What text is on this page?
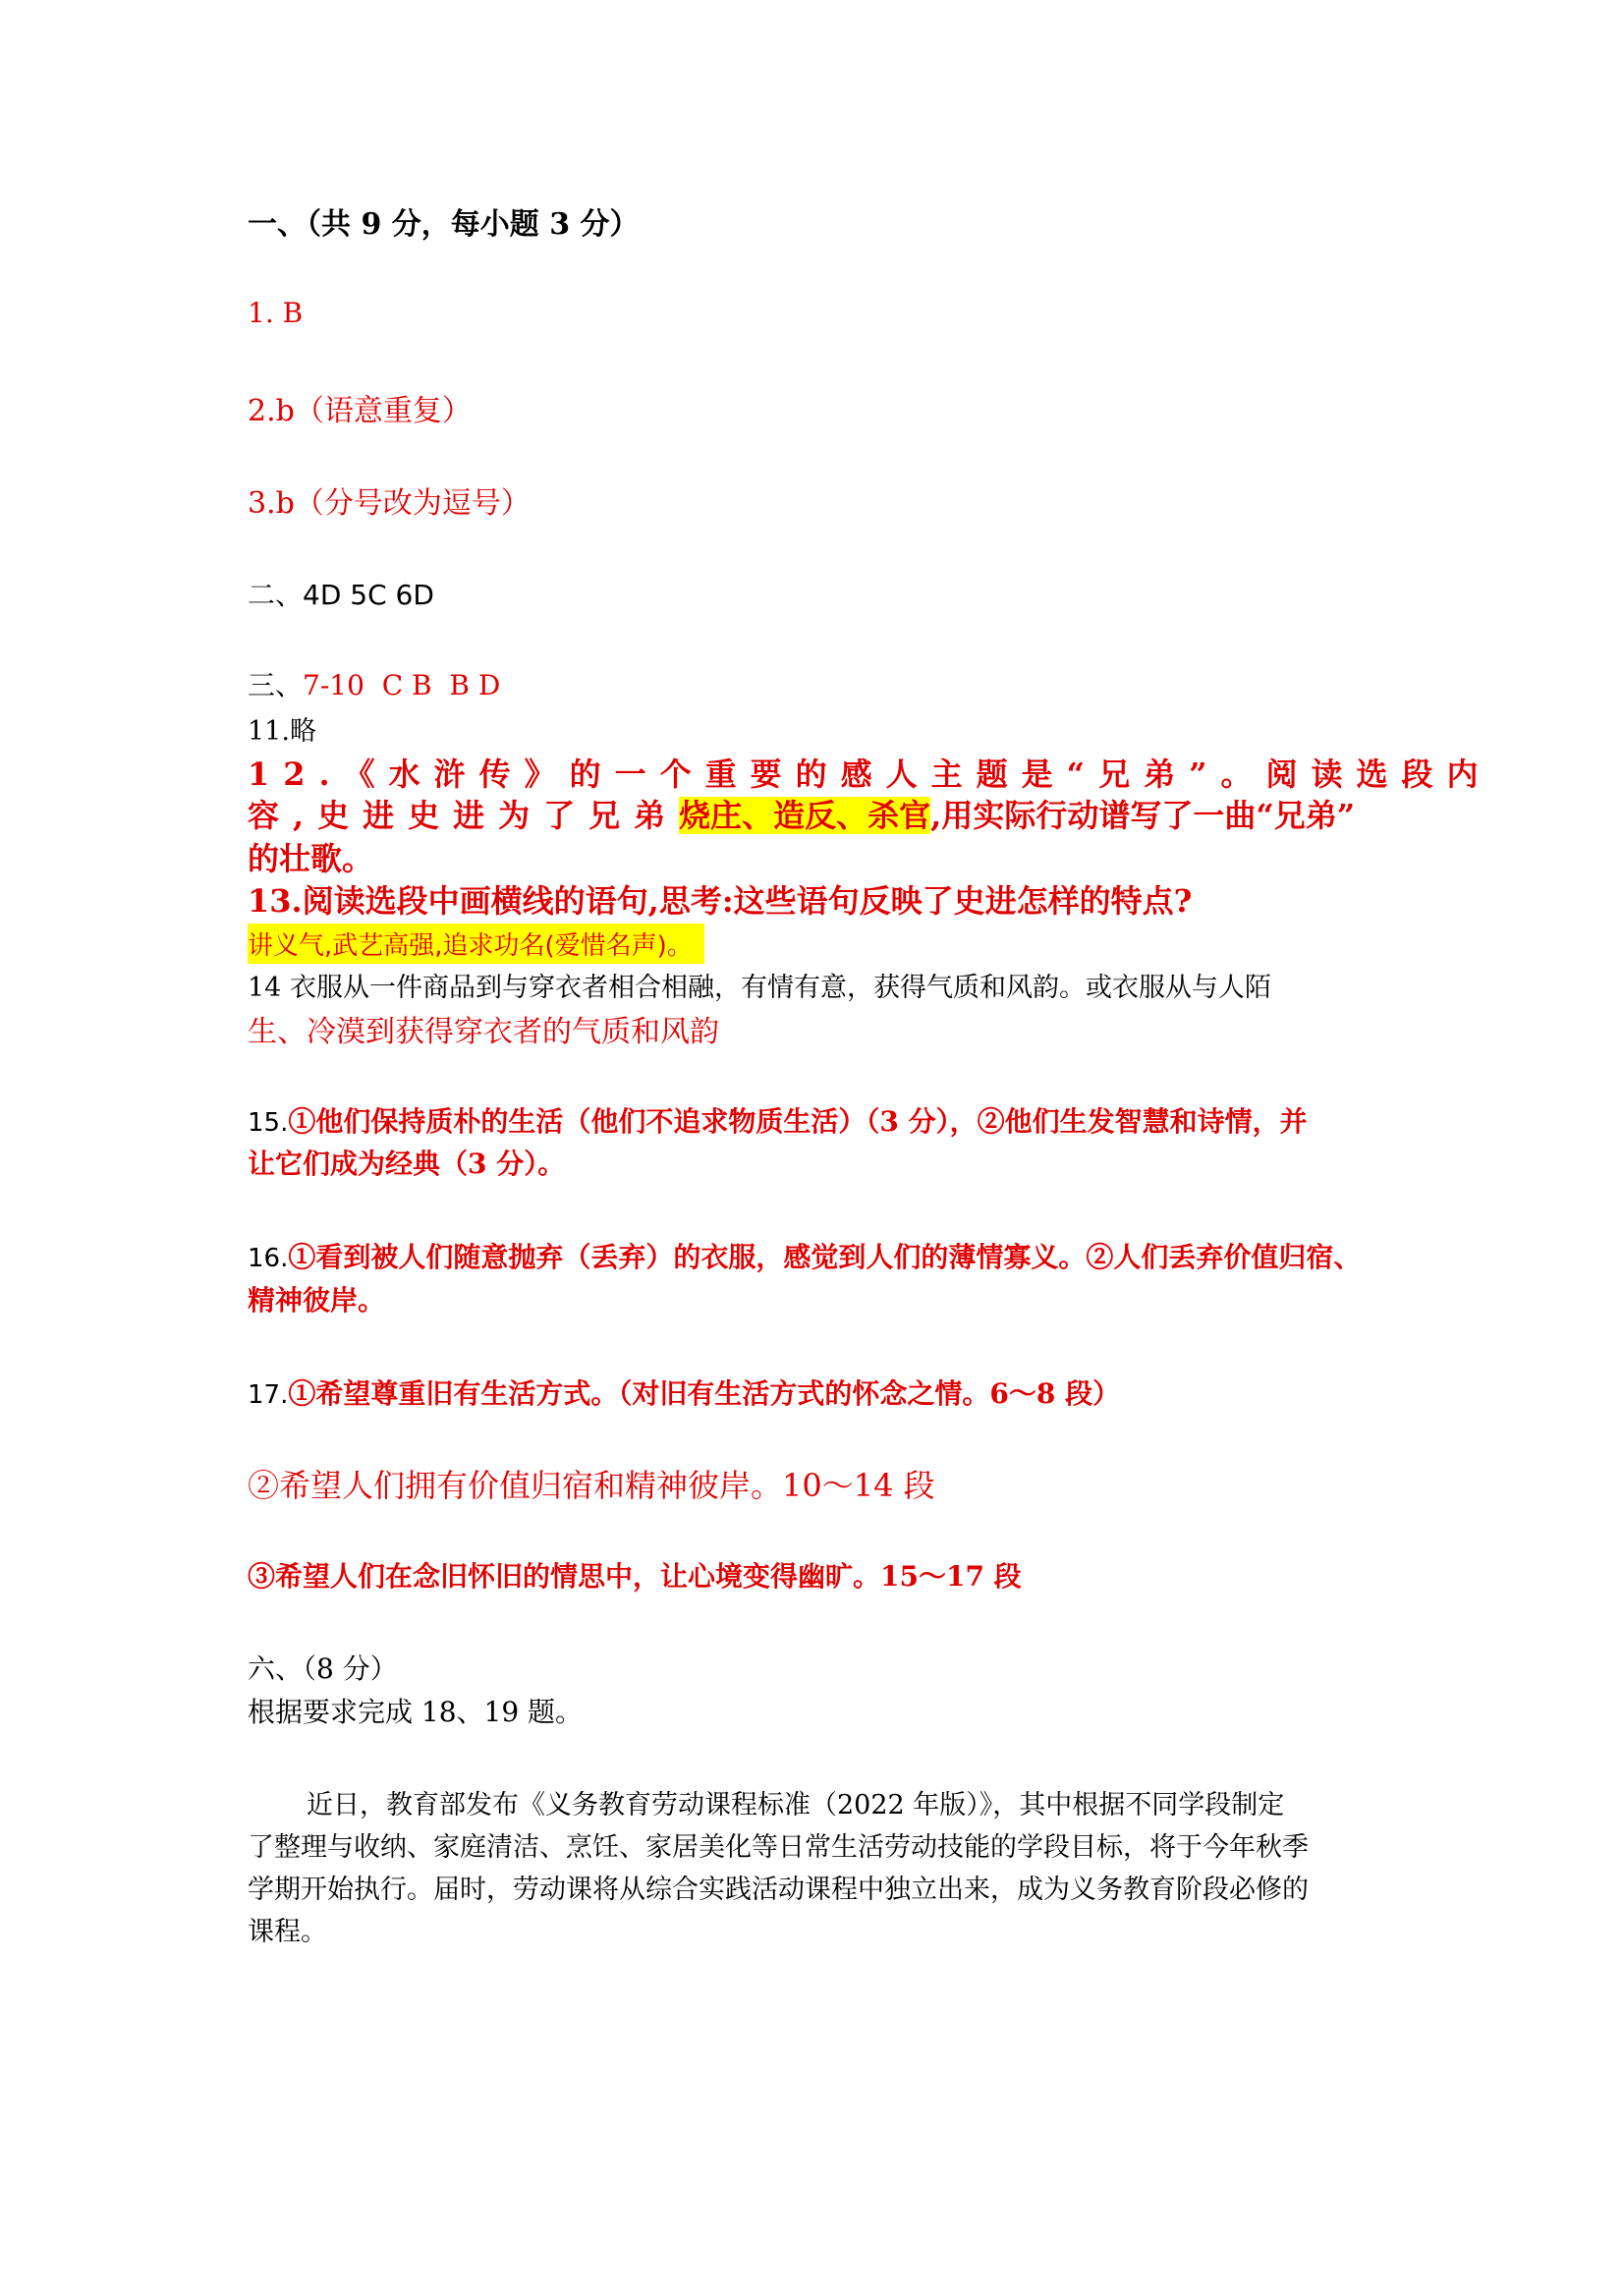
一、（共 9 分，每小题 3 分）
1. B
2.b（语意重复）
3.b（分号改为逗号）
二、4D 5C 6D
三、7-10  C B  B D
11.略
12.《水浒传》的一个重要的感人主题是“兄弟”。阅读选段内
容,史进史进为了兄弟烧庄、造反、杀官,用实际行动谱写了一曲“兄弟”
的壮歌。
13.阅读选段中画横线的语句,思考:这些语句反映了史进怎样的特点?
讲义气,武艺高强,追求功名(爱惜名声)。
14 衣服从一件商品到与穿衣者相合相融，有情有意，获得气质和风韵。或衣服从与人陌
生、冷漠到获得穿衣者的气质和风韵
15.①他们保持质朴的生活（他们不追求物质生活）（3 分），②他们生发智慧和诗情，并
让它们成为经典（3 分）。
16.①看到被人们随意抛弃（丢弃）的衣服，感觉到人们的薄情寡义。②人们丢弃价值归宿、
精神彼岸。
17.①希望尊重旧有生活方式。（对旧有生活方式的怀念之情。6～8 段）
②希望人们拥有价值归宿和精神彼岸。10～14 段
③希望人们在念旧怀旧的情思中，让心境变得幽旷。15～17 段
六、（8 分）
根据要求完成 18、19 题。
近日，教育部发布《义务教育劳动课程标准（2022 年版）》，其中根据不同学段制定
了整理与收纳、家庭清洁、烹饪、家居美化等日常生活劳动技能的学段目标，将于今年秋季
学期开始执行。届时，劳动课将从综合实践活动课程中独立出来，成为义务教育阶段必修的
课程。
